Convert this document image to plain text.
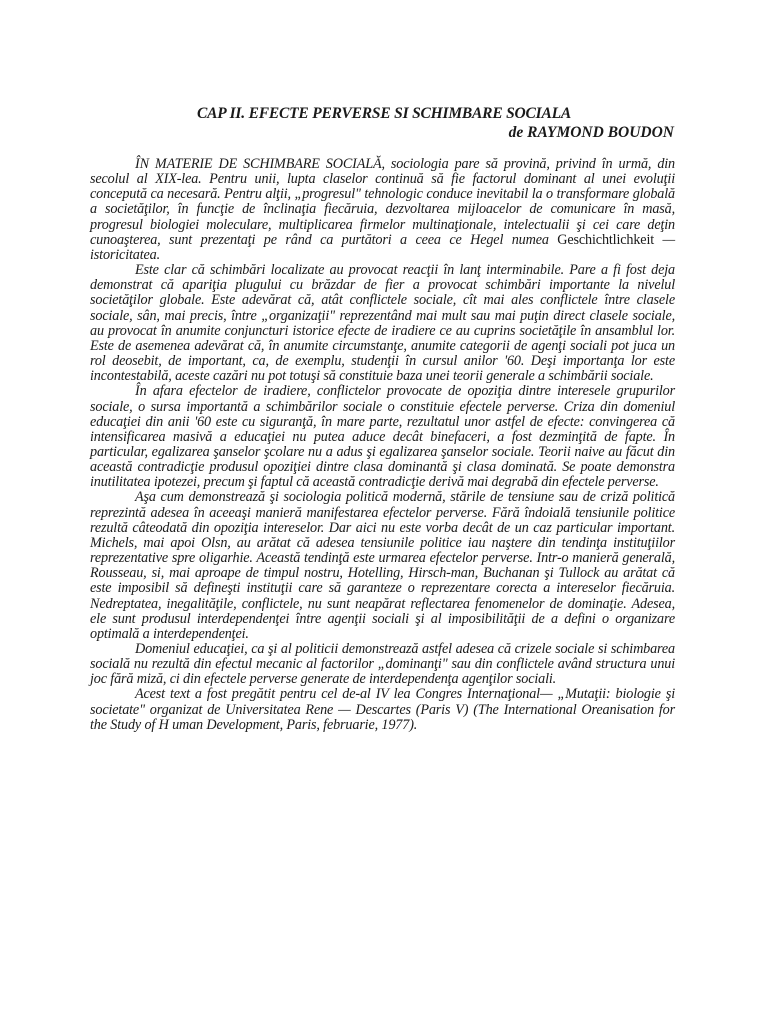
CAP II. EFECTE PERVERSE SI SCHIMBARE SOCIALA
de RAYMOND BOUDON

ÎN MATERIE DE SCHIMBARE SOCIALĂ, sociologia pare să provină, privind în urmă, din secolul al XIX-lea. Pentru unii, lupta claselor continuă să fie factorul dominant al unei evoluţii concepută ca necesară. Pentru alţii, „progresul" tehnologic conduce inevitabil la o transformare globală a societăţilor, în funcţie de înclinaţia fiecăruia, dezvoltarea mijloacelor de comunicare în masă, progresul biologiei moleculare, multiplicarea firmelor multinaţionale, intelectualii şi cei care deţin cunoaşterea, sunt prezentaţi pe rând ca purtători a ceea ce Hegel numea Geschichtlichkeit — istoricitatea.

Este clar că schimbări localizate au provocat reacţii în lanţ interminabile. Pare a fi fost deja demonstrat că apariţia plugului cu brăzdar de fier a provocat schimbări importante la nivelul societăţilor globale. Este adevărat că, atât conflictele sociale, cît mai ales conflictele între clasele sociale, sân, mai precis, între „organizaţii" reprezentând mai mult sau mai puţin direct clasele sociale, au provocat în anumite conjuncturi istorice efecte de iradiere ce au cuprins societăţile în ansamblul lor. Este de asemenea adevărat că, în anumite circumstanţe, anumite categorii de agenţi sociali pot juca un rol deosebit, de important, ca, de exemplu, studenţii în cursul anilor '60. Deşi importanţa lor este incontestabilă, aceste cazări nu pot totuşi să constituie baza unei teorii generale a schimbării sociale.

În afara efectelor de iradiere, conflictelor provocate de opoziţia dintre interesele grupurilor sociale, o sursa importantă a schimbărilor sociale o constituie efectele perverse. Criza din domeniul educaţiei din anii '60 este cu siguranţă, în mare parte, rezultatul unor astfel de efecte: convingerea că intensificarea masivă a educaţiei nu putea aduce decât binefaceri, a fost dezminţită de fapte. În particular, egalizarea şanselor şcolare nu a adus şi egalizarea şanselor sociale. Teorii naive au făcut din această contradicţie produsul opoziţiei dintre clasa dominantă şi clasa dominată. Se poate demonstra inutilitatea ipotezei, precum şi faptul că această contradicţie derivă mai degrabă din efectele perverse.

Aşa cum demonstrează şi sociologia politică modernă, stările de tensiune sau de criză politică reprezintă adesea în aceeaşi manieră manifestarea efectelor perverse. Fără îndoială tensiunile politice rezultă câteodată din opoziţia intereselor. Dar aici nu este vorba decât de un caz particular important. Michels, mai apoi Olsn, au arătat că adesea tensiunile politice iau naştere din tendinţa instituţiilor reprezentative spre oligarhie. Această tendinţă este urmarea efectelor perverse. Intr-o manieră generală, Rousseau, si, mai aproape de timpul nostru, Hotelling, Hirsch-man, Buchanan şi Tullock au arătat că este imposibil să defineşti instituţii care să garanteze o reprezentare corecta a intereselor fiecăruia. Nedreptatea, inegalităţile, conflictele, nu sunt neapărat reflectarea fenomenelor de dominaţie. Adesea, ele sunt produsul interdependenţei între agenţii sociali şi al imposibilităţii de a defini o organizare optimală a interdependenţei.

Domeniul educaţiei, ca şi al politicii demonstrează astfel adesea că crizele sociale si schimbarea socială nu rezultă din efectul mecanic al factorilor „dominanţi" sau din conflictele având structura unui joc fără miză, ci din efectele perverse generate de interdependenţa agenţilor sociali.

Acest text a fost pregătit pentru cel de-al IV lea Congres Internaţional— „Mutaţii: biologie şi societate" organizat de Universitatea Rene — Descartes (Paris V) (The International Oreanisation for the Study of H uman Development, Paris, februarie, 1977).
